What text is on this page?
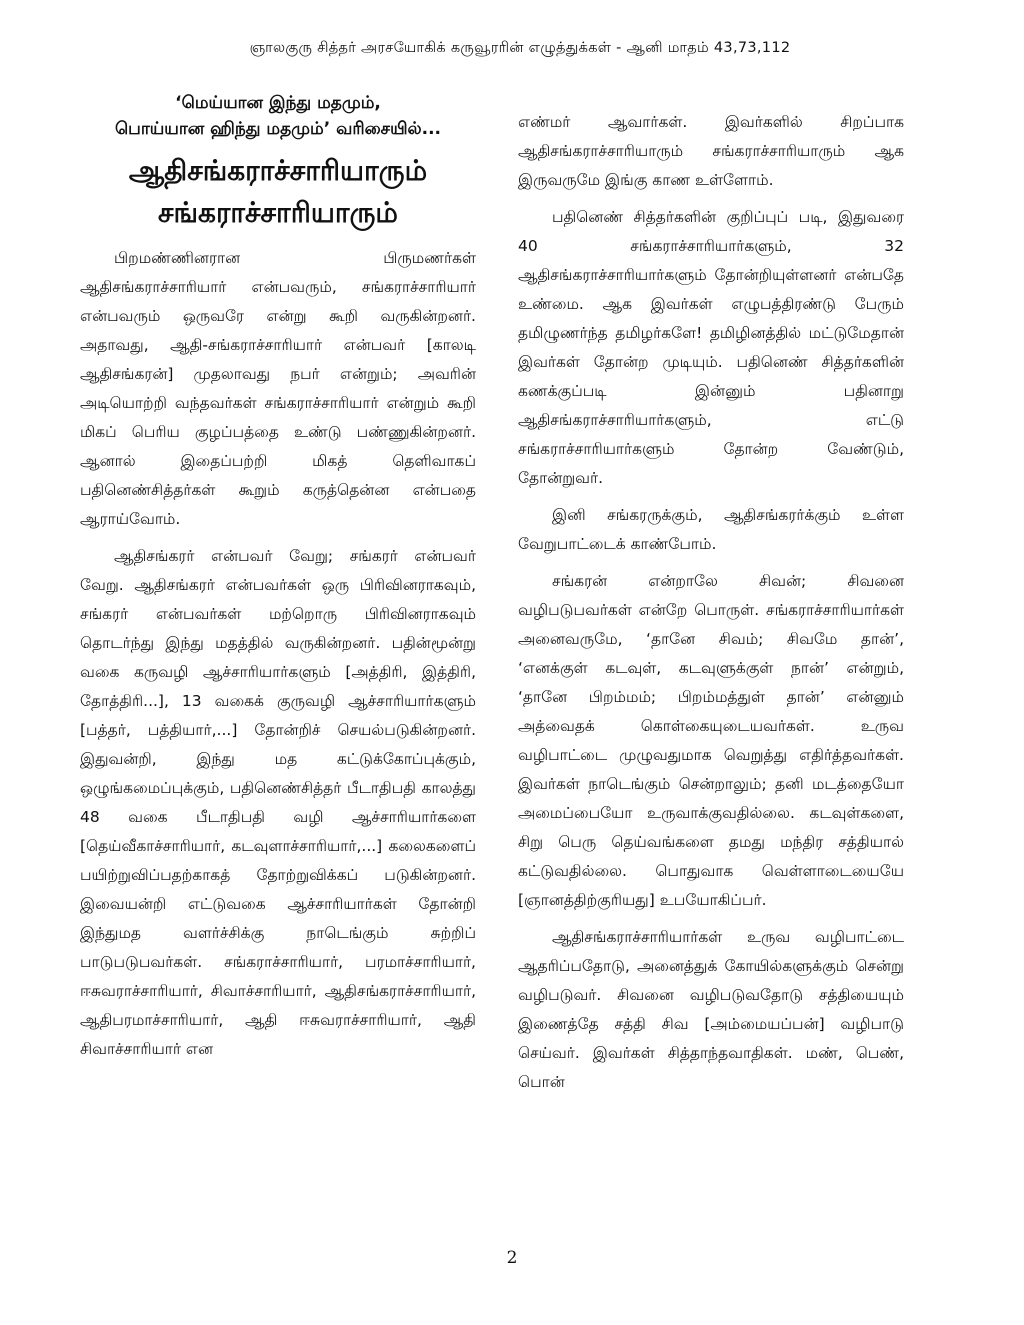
ஞாலகுரு சித்தர் அரசயோகிக் கருவூரரின் எழுத்துக்கள் - ஆனி மாதம் 43,73,112
‘மெய்யான இந்து மதமும்,
பொய்யான ஹிந்து மதமும்’ வரிசையில்...
ஆதிசங்கராச்சாரியாரும்
சங்கராச்சாரியாரும்

பிறமண்ணினரான பிருமணர்கள் ஆதிசங்கராச்சாரியார் என்பவரும், சங்கராச்சாரியார் என்பவரும் ஒருவரே என்று கூறி வருகின்றனர். அதாவது, ஆதி-சங்கராச்சாரியார் என்பவர் [காலடி ஆதிசங்கரன்] முதலாவது நபர் என்றும்; அவரின் அடியொற்றி வந்தவர்கள் சங்கராச்சாரியார் என்றும் கூறி மிகப் பெரிய குழப்பத்தை உண்டு பண்ணுகின்றனர். ஆனால் இதைப்பற்றி மிகத் தெளிவாகப் பதினெண்சித்தர்கள் கூறும் கருத்தென்ன என்பதை ஆராய்வோம்.

ஆதிசங்கரர் என்பவர் வேறு; சங்கரர் என்பவர் வேறு. ஆதிசங்கரர் என்பவர்கள் ஒரு பிரிவினராகவும், சங்கரர் என்பவர்கள் மற்றொரு பிரிவினராகவும் தொடர்ந்து இந்து மதத்தில் வருகின்றனர். பதின்மூன்று வகை கருவழி ஆச்சாரியார்களும் [அத்திரி, இத்திரி, தோத்திரி...], 13 வகைக் குருவழி ஆச்சாரியார்களும் [பத்தர், பத்தியார்,...] தோன்றிச் செயல்படுகின்றனர். இதுவன்றி, இந்து மத கட்டுக்கோப்புக்கும், ஒழுங்கமைப்புக்கும், பதினெண்சித்தர் பீடாதிபதி காலத்து 48 வகை பீடாதிபதி வழி ஆச்சாரியார்களை [தெய்வீகாச்சாரியார், கடவுளாச்சாரியார்,...] கலைகளைப் பயிற்றுவிப்பதற்காகத் தோற்றுவிக்கப் படுகின்றனர். இவையன்றி எட்டுவகை ஆச்சாரியார்கள் தோன்றி இந்துமத வளர்ச்சிக்கு நாடெங்கும் சுற்றிப் பாடுபடுபவர்கள். சங்கராச்சாரியார், பரமாச்சாரியார், ஈசுவராச்சாரியார், சிவாச்சாரியார், ஆதிசங்கராச்சாரியார், ஆதிபரமாச்சாரியார், ஆதி ஈசுவராச்சாரியார், ஆதி சிவாச்சாரியார் என

எண்மர் ஆவார்கள். இவர்களில் சிறப்பாக ஆதிசங்கராச்சாரியாரும் சங்கராச்சாரியாரும் ஆக இருவருமே இங்கு காண உள்ளோம்.

பதினெண் சித்தர்களின் குறிப்புப் படி, இதுவரை 40 சங்கராச்சாரியார்களும், 32 ஆதிசங்கராச்சாரியார்களும் தோன்றியுள்ளனர் என்பதே உண்மை. ஆக இவர்கள் எழுபத்திரண்டு பேரும் தமிழுணர்ந்த தமிழர்களே! தமிழினத்தில் மட்டுமேதான் இவர்கள் தோன்ற முடியும். பதினெண் சித்தர்களின் கணக்குப்படி இன்னும் பதினாறு ஆதிசங்கராச்சாரியார்களும், எட்டு சங்கராச்சாரியார்களும் தோன்ற வேண்டும், தோன்றுவர்.

இனி சங்கரருக்கும், ஆதிசங்கரர்க்கும் உள்ள வேறுபாட்டைக் காண்போம்.

சங்கரன் என்றாலே சிவன்; சிவனை வழிபடுபவர்கள் என்றே பொருள். சங்கராச்சாரியார்கள் அனைவருமே, ‘தானே சிவம்; சிவமே தான்’, ‘எனக்குள் கடவுள், கடவுளுக்குள் நான்’ என்றும், ‘தானே பிறம்மம்; பிறம்மத்துள் தான்’ என்னும் அத்வைதக் கொள்கையுடையவர்கள். உருவ வழிபாட்டை முழுவதுமாக வெறுத்து எதிர்த்தவர்கள். இவர்கள் நாடெங்கும் சென்றாலும்; தனி மடத்தையோ அமைப்பையோ உருவாக்குவதில்லை. கடவுள்களை, சிறு பெரு தெய்வங்களை தமது மந்திர சத்தியால் கட்டுவதில்லை. பொதுவாக வெள்ளாடையையே [ஞானத்திற்குரியது] உபயோகிப்பர்.

ஆதிசங்கராச்சாரியார்கள் உருவ வழிபாட்டை ஆதரிப்பதோடு, அனைத்துக் கோயில்களுக்கும் சென்று வழிபடுவர். சிவனை வழிபடுவதோடு சத்தியையும் இணைத்தே சத்தி சிவ [அம்மையப்பன்] வழிபாடு செய்வர். இவர்கள் சித்தாந்தவாதிகள். மண், பெண், பொன்

2
